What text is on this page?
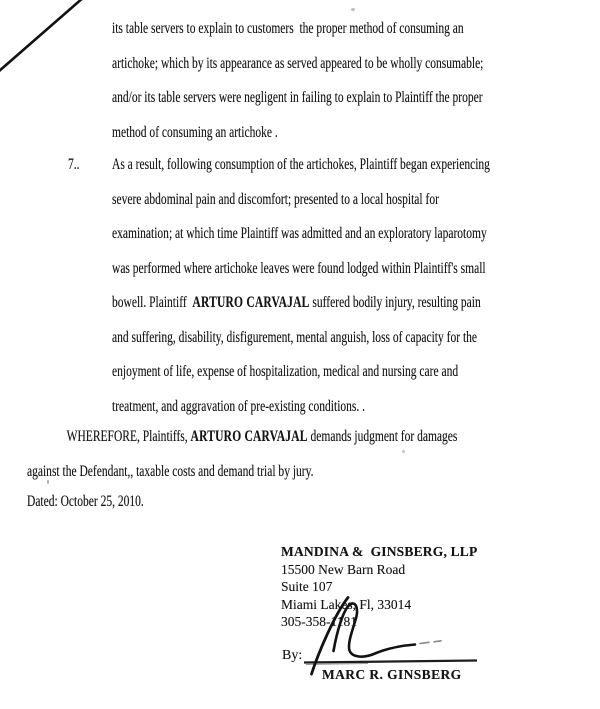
its table servers to explain to customers  the proper method of consuming an
artichoke; which by its appearance as served appeared to be wholly consumable;
and/or its table servers were negligent in failing to explain to Plaintiff the proper
method of consuming an artichoke .
7.. As a result, following consumption of the artichokes, Plaintiff began experiencing
severe abdominal pain and discomfort; presented to a local hospital for
examination; at which time Plaintiff was admitted and an exploratory laparotomy
was performed where artichoke leaves were found lodged within Plaintiff's small
bowell. Plaintiff  ARTURO CARVAJAL suffered bodily injury, resulting pain
and suffering, disability, disfigurement, mental anguish, loss of capacity for the
enjoyment of life, expense of hospitalization, medical and nursing care and
treatment, and aggravation of pre-existing conditions. .
WHEREFORE, Plaintiffs, ARTURO CARVAJAL demands judgment for damages
against the Defendant,, taxable costs and demand trial by jury.
Dated: October 25, 2010.
MANDINA &  GINSBERG, LLP
15500 New Barn Road
Suite 107
Miami Lakes, Fl, 33014
305-358-1181
By:
MARC R. GINSBERG
